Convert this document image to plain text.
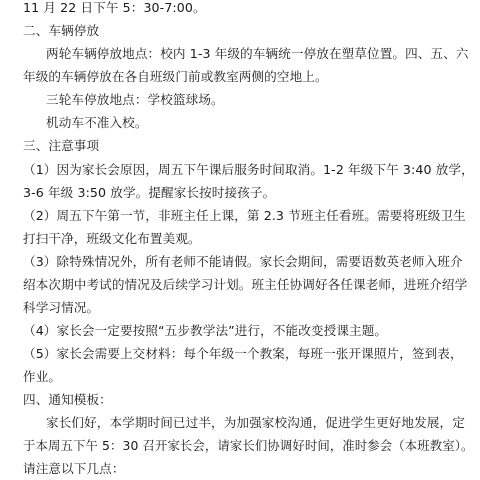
11 月 22 日下午 5：30-7:00。
二、车辆停放
两轮车辆停放地点：校内 1-3 年级的车辆统一停放在塑草位置。四、五、六
年级的车辆停放在各自班级门前或教室两侧的空地上。
三轮车停放地点：学校篮球场。
机动车不准入校。
三、注意事项
（1）因为家长会原因，周五下午课后服务时间取消。1-2 年级下午 3:40 放学，
3-6 年级 3:50 放学。提醒家长按时接孩子。
（2）周五下午第一节，非班主任上课，第 2.3 节班主任看班。需要将班级卫生
打扫干净，班级文化布置美观。
（3）除特殊情况外，所有老师不能请假。家长会期间，需要语数英老师入班介
绍本次期中考试的情况及后续学习计划。班主任协调好各任课老师，进班介绍学
科学习情况。
（4）家长会一定要按照“五步教学法”进行，不能改变授课主题。
（5）家长会需要上交材料：每个年级一个教案，每班一张开课照片，签到表，
作业。
四、通知模板：
家长们好，本学期时间已过半，为加强家校沟通，促进学生更好地发展，定
于本周五下午 5：30 召开家长会，请家长们协调好时间，准时参会（本班教室）。
请注意以下几点：
